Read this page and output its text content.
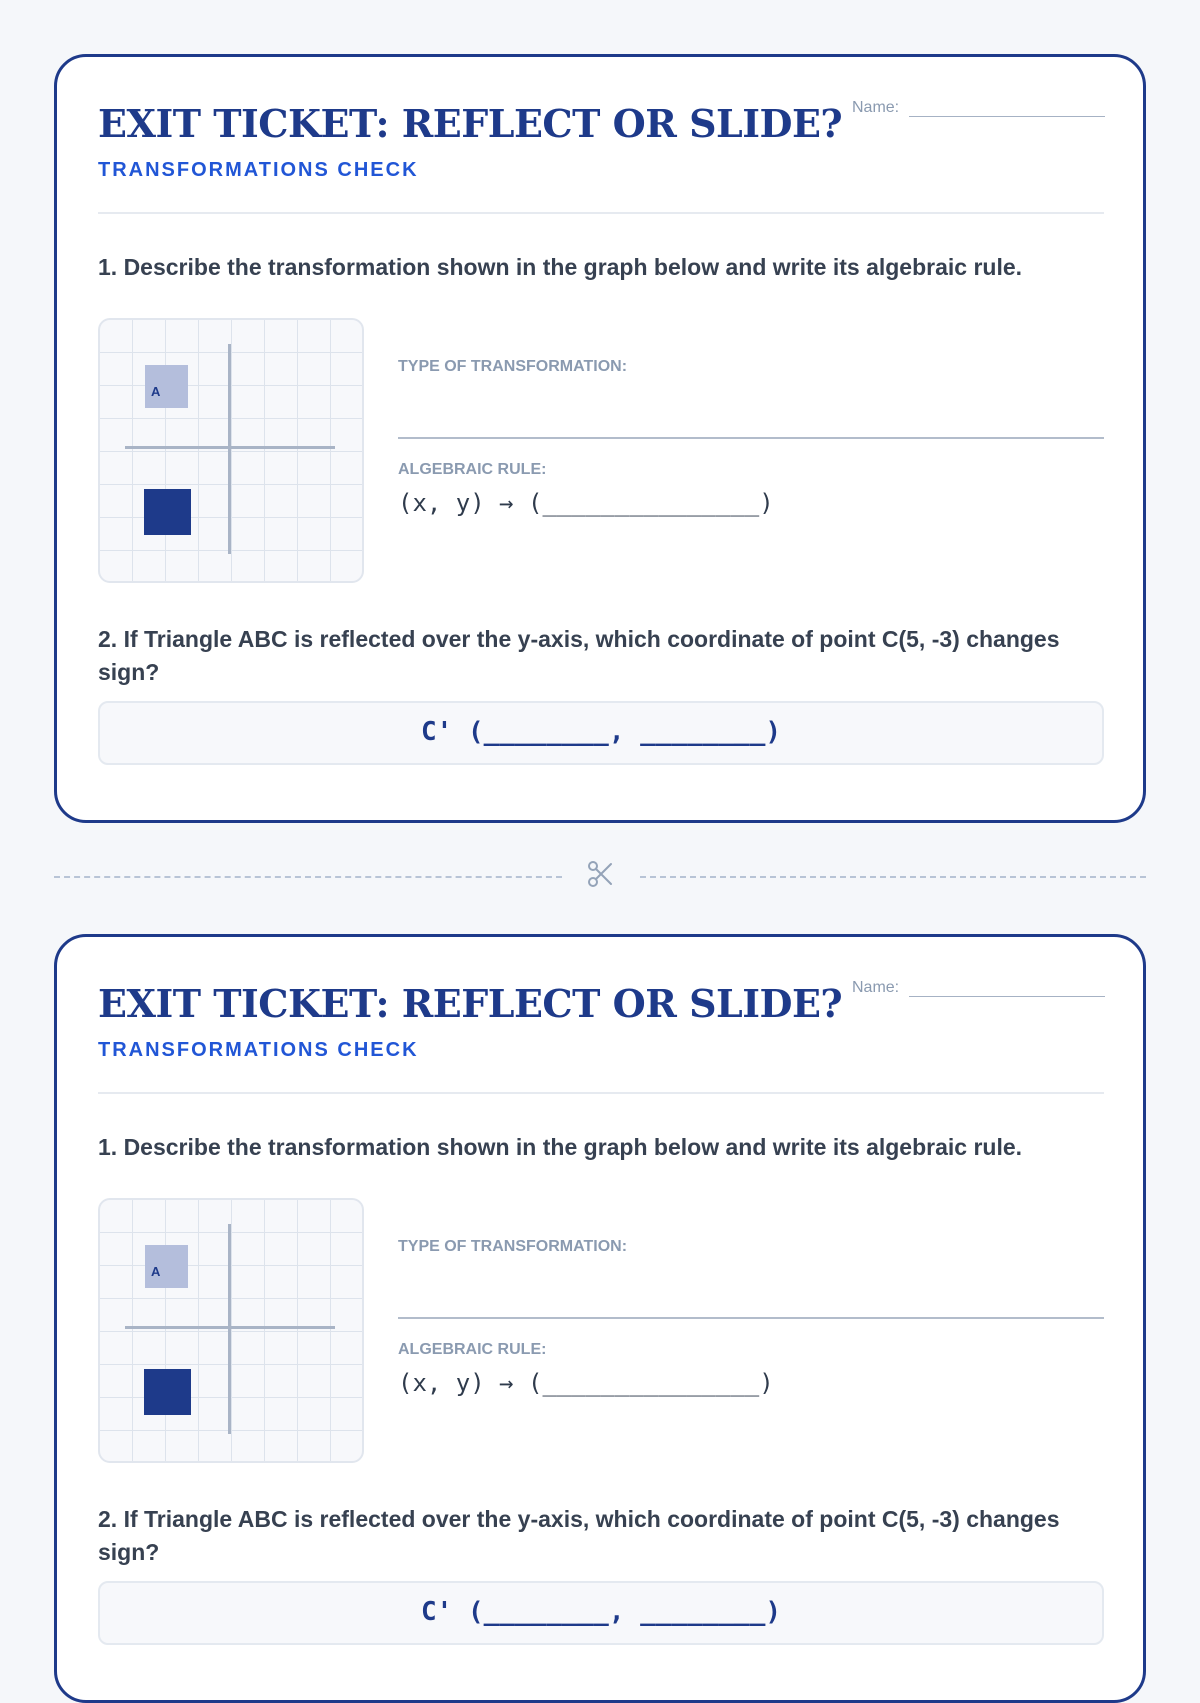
EXIT TICKET: REFLECT OR SLIDE?
TRANSFORMATIONS CHECK
Name:
1. Describe the transformation shown in the graph below and write its algebraic rule.
A
TYPE OF TRANSFORMATION:
ALGEBRAIC RULE:
(x, y) → (_______________)
2. If Triangle ABC is reflected over the y-axis, which coordinate of point C(5, -3) changes sign?
C' (________, ________)
EXIT TICKET: REFLECT OR SLIDE?
TRANSFORMATIONS CHECK
Name:
1. Describe the transformation shown in the graph below and write its algebraic rule.
A
TYPE OF TRANSFORMATION:
ALGEBRAIC RULE:
(x, y) → (_______________)
2. If Triangle ABC is reflected over the y-axis, which coordinate of point C(5, -3) changes sign?
C' (________, ________)
